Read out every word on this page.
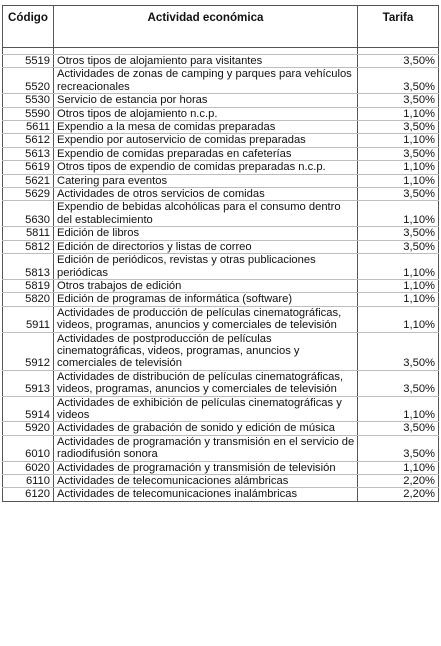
Código	Actividad económica	Tarifa

5519	Otros tipos de alojamiento para visitantes	3,50%
5520	Actividades de zonas de camping y parques para vehículos recreacionales	3,50%
5530	Servicio de estancia por horas	3,50%
5590	Otros tipos de alojamiento n.c.p.	1,10%
5611	Expendio a la mesa de comidas preparadas	3,50%
5612	Expendio por autoservicio de comidas preparadas	1,10%
5613	Expendio de comidas preparadas en cafeterías	3,50%
5619	Otros tipos de expendio de comidas preparadas n.c.p.	1,10%
5621	Catering para eventos	1,10%
5629	Actividades de otros servicios de comidas	3,50%
5630	Expendio de bebidas alcohólicas para el consumo dentro del establecimiento	1,10%
5811	Edición de libros	3,50%
5812	Edición de directorios y listas de correo	3,50%
5813	Edición de periódicos, revistas y otras publicaciones periódicas	1,10%
5819	Otros trabajos de edición	1,10%
5820	Edición de programas de informática (software)	1,10%
5911	Actividades de producción de películas cinematográficas, videos, programas, anuncios y comerciales de televisión	1,10%
5912	Actividades de postproducción de películas cinematográficas, videos, programas, anuncios y comerciales de televisión	3,50%
5913	Actividades de distribución de películas cinematográficas, videos, programas, anuncios y comerciales de televisión	3,50%
5914	Actividades de exhibición de películas cinematográficas y videos	1,10%
5920	Actividades de grabación de sonido y edición de música	3,50%
6010	Actividades de programación y transmisión en el servicio de radiodifusión sonora	3,50%
6020	Actividades de programación y transmisión de televisión	1,10%
6110	Actividades de telecomunicaciones alámbricas	2,20%
6120	Actividades de telecomunicaciones inalámbricas	2,20%
